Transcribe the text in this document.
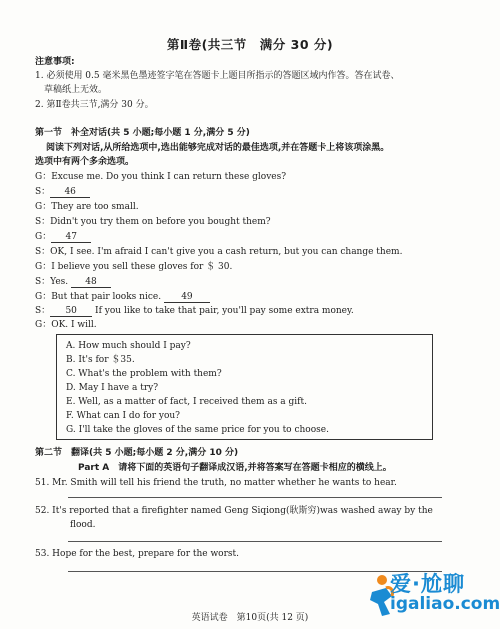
第Ⅱ卷(共三节　满分 30 分)
注意事项:
1. 必须使用 0.5 毫米黑色墨迹签字笔在答题卡上题目所指示的答题区域内作答。答在试卷、
草稿纸上无效。
2. 第Ⅱ卷共三节,满分 30 分。
第一节　补全对话(共 5 小题;每小题 1 分,满分 5 分)
阅读下列对话,从所给选项中,选出能够完成对话的最佳选项,并在答题卡上将该项涂黑。
选项中有两个多余选项。
G：Excuse me. Do you think I can return these gloves?
S： 46
G：They are too small.
S：Didn't you try them on before you bought them?
G： 47
S：OK, I see. I'm afraid I can't give you a cash return, but you can change them.
G：I believe you sell these gloves for ＄ 30.
S：Yes. 48
G：But that pair looks nice. 49
S： 50 If you like to take that pair, you'll pay some extra money.
G：OK. I will.
A. How much should I pay?
B. It's for ＄35.
C. What's the problem with them?
D. May I have a try?
E. Well, as a matter of fact, I received them as a gift.
F. What can I do for you?
G. I'll take the gloves of the same price for you to choose.
第二节　翻译(共 5 小题;每小题 2 分,满分 10 分)
Part A　请将下面的英语句子翻译成汉语,并将答案写在答题卡相应的横线上。
51. Mr. Smith will tell his friend the truth, no matter whether he wants to hear.
52. It's reported that a firefighter named Geng Siqiong(耿斯穷)was washed away by the
flood.
53. Hope for the best, prepare for the worst.
爱·尬聊
igaliao.com
英语试卷　第10页(共 12 页)
